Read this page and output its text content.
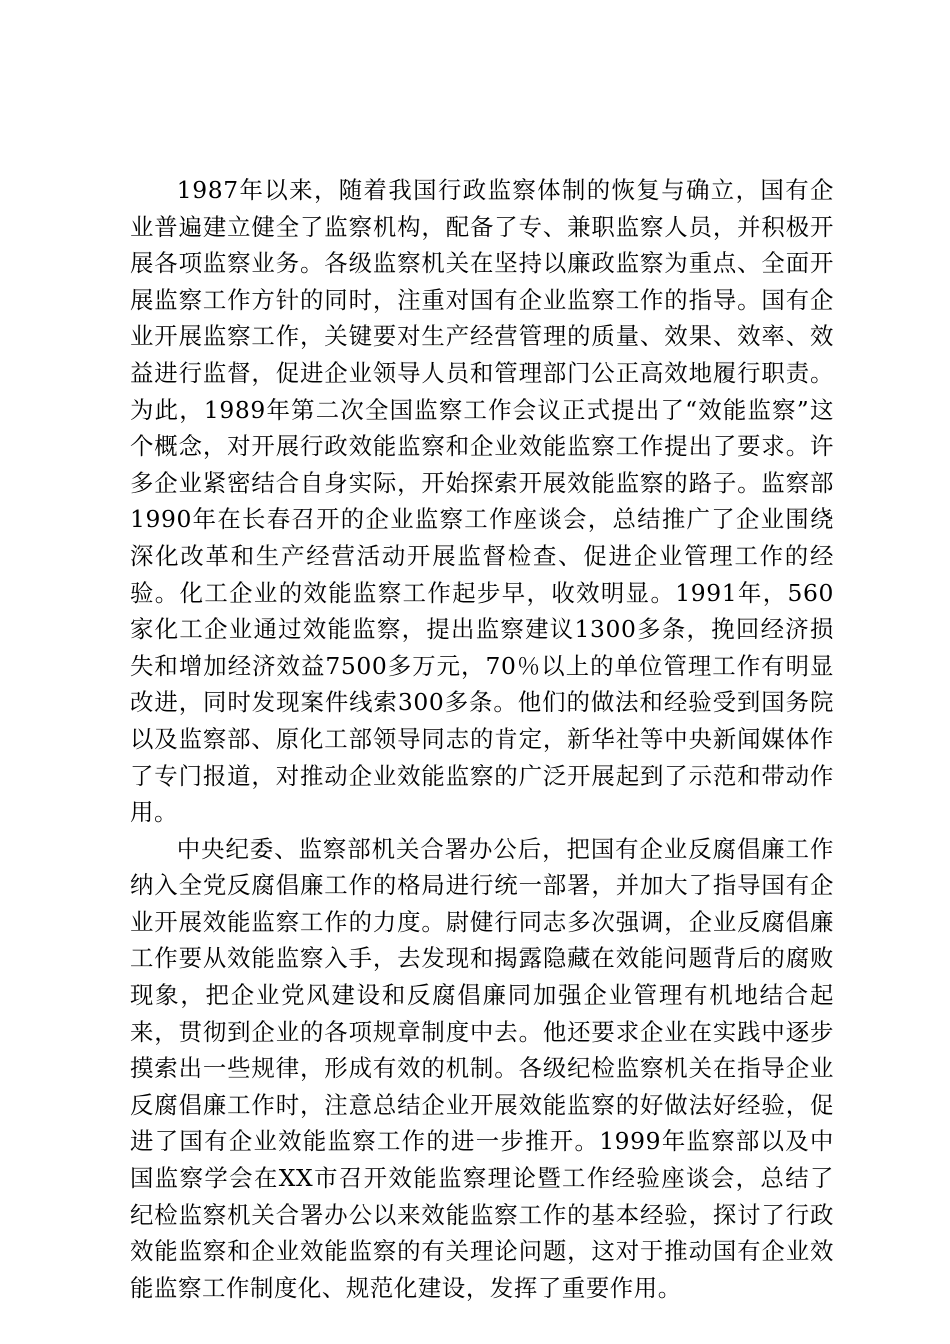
1987年以来，随着我国行政监察体制的恢复与确立，国有企业普遍建立健全了监察机构，配备了专、兼职监察人员，并积极开展各项监察业务。各级监察机关在坚持以廉政监察为重点、全面开展监察工作方针的同时，注重对国有企业监察工作的指导。国有企业开展监察工作，关键要对生产经营管理的质量、效果、效率、效益进行监督，促进企业领导人员和管理部门公正高效地履行职责。为此，1989年第二次全国监察工作会议正式提出了“效能监察”这个概念，对开展行政效能监察和企业效能监察工作提出了要求。许多企业紧密结合自身实际，开始探索开展效能监察的路子。监察部1990年在长春召开的企业监察工作座谈会，总结推广了企业围绕深化改革和生产经营活动开展监督检查、促进企业管理工作的经验。化工企业的效能监察工作起步早，收效明显。1991年，560家化工企业通过效能监察，提出监察建议1300多条，挽回经济损失和增加经济效益7500多万元，70％以上的单位管理工作有明显改进，同时发现案件线索300多条。他们的做法和经验受到国务院以及监察部、原化工部领导同志的肯定，新华社等中央新闻媒体作了专门报道，对推动企业效能监察的广泛开展起到了示范和带动作用。

中央纪委、监察部机关合署办公后，把国有企业反腐倡廉工作纳入全党反腐倡廉工作的格局进行统一部署，并加大了指导国有企业开展效能监察工作的力度。尉健行同志多次强调，企业反腐倡廉工作要从效能监察入手，去发现和揭露隐藏在效能问题背后的腐败现象，把企业党风建设和反腐倡廉同加强企业管理有机地结合起来，贯彻到企业的各项规章制度中去。他还要求企业在实践中逐步摸索出一些规律，形成有效的机制。各级纪检监察机关在指导企业反腐倡廉工作时，注意总结企业开展效能监察的好做法好经验，促进了国有企业效能监察工作的进一步推开。1999年监察部以及中国监察学会在XX市召开效能监察理论暨工作经验座谈会，总结了纪检监察机关合署办公以来效能监察工作的基本经验，探讨了行政效能监察和企业效能监察的有关理论问题，这对于推动国有企业效能监察工作制度化、规范化建设，发挥了重要作用。
